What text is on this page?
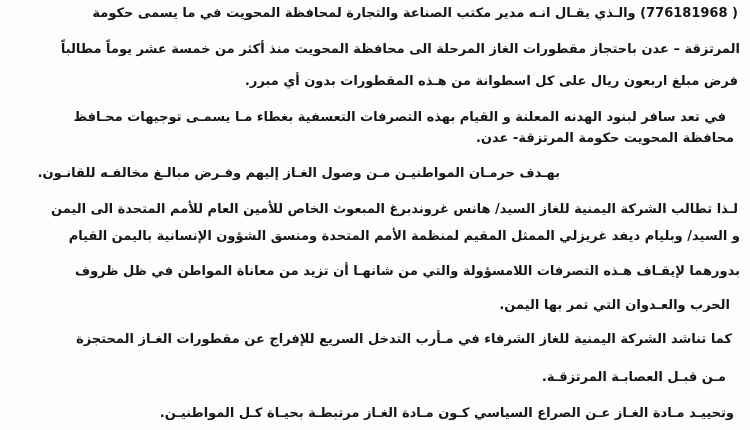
( 776181968) والـذي يقـال انـه مدير مكتب الصناعة والتجارة لمحافظة المحويت في ما يسمى حكومة
المرتزقة – عدن باحتجاز مقطورات الغاز المرحلة الى محافظة المحويت منذ أكثر من خمسة عشر يوماً مطالباً
فرض مبلغ اربعون ريال على كل اسطوانة من هـذه المقطورات بدون أي مبرر.
في تعد سافر لبنود الهدنه المعلنة و القيام بهذه التصرفات التعسفية بغطاء مـا يسمـى توجيهات محـافظ
محافظة المحويت حكومة المرتزقة- عدن.
بهـدف حرمـان المواطنيـن مـن وصول الغـاز إليهم وفـرض مبالـغ مخالفـه للقانـون.
لـذا تطالب الشركة اليمنية للغاز السيد/ هانس غروندبرغ المبعوث الخاص للأمين العام للأمم المتحدة الى اليمن
و السيد/ وبليام ديفد غريزلي الممثل المقيم لمنظمة الأمم المتحدة ومنسق الشؤون الإنسانية باليمن القيام
بدورهما لإيقـاف هـذه التصرفات اللامسؤولة والتي من شانهـا أن تزيد من معاناة المواطن في ظل ظروف
الحرب والعـدوان التي تمر بها اليمن.
كما تناشد الشركة اليمنية للغاز الشرفاء في مـأرب التدخل السريع للإفراج عن مقطورات الغـاز المحتجزة
مـن قبـل العصابـة المرتزقـة.
وتحييـد مـادة الغـاز عـن الصراع السياسي كـون مـادة الغـاز مرتبطـة بحيـاة كـل المواطنيـن.
